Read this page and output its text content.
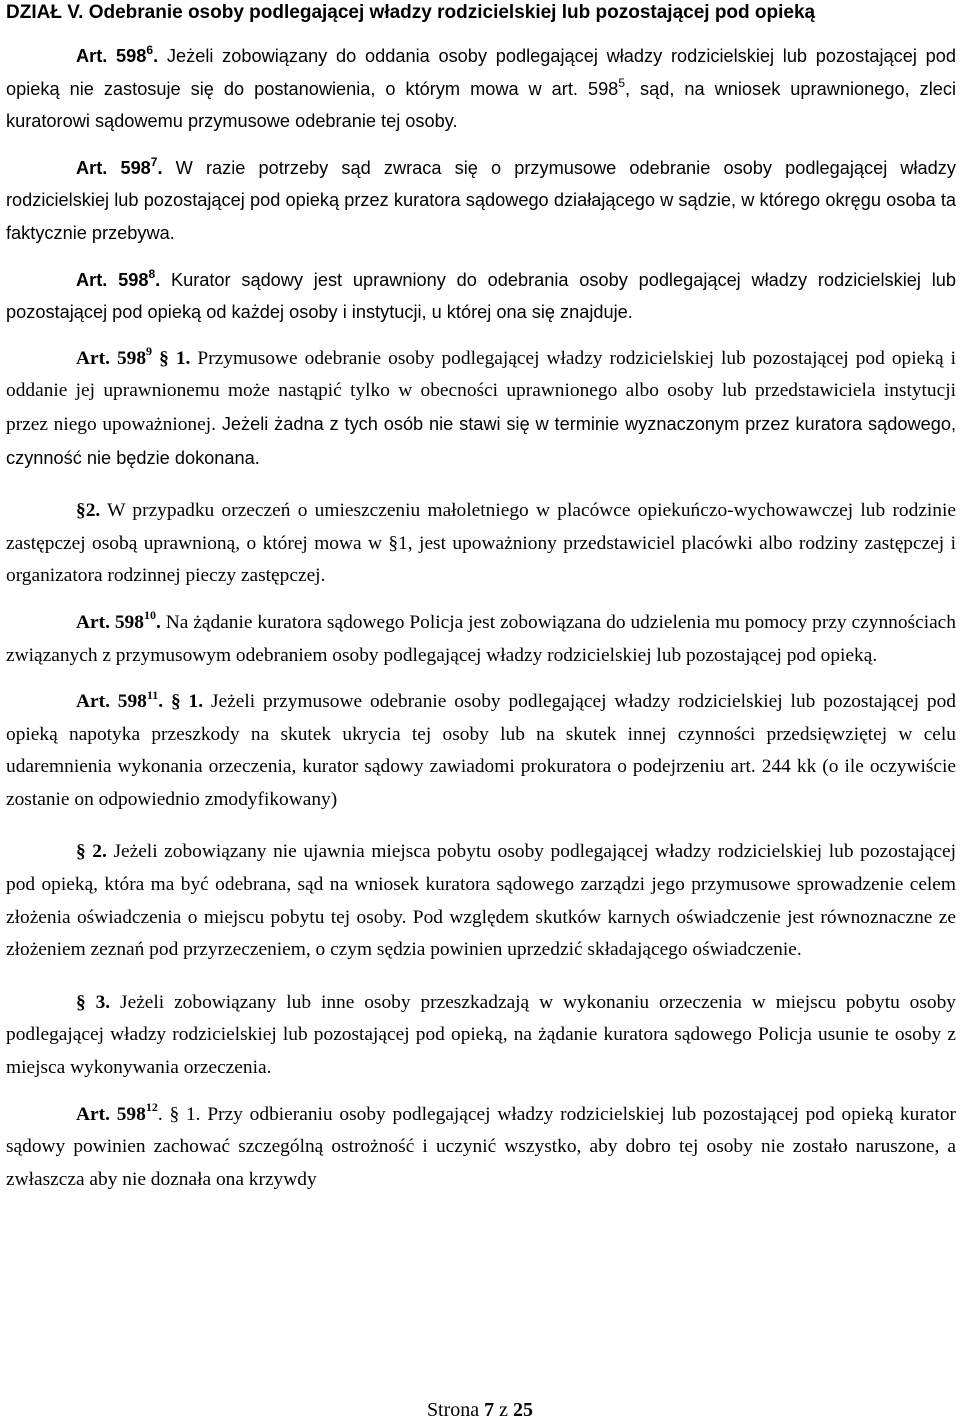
DZIAŁ V. Odebranie osoby podlegającej władzy rodzicielskiej lub pozostającej pod opieką

Art. $598^6$. Jeżeli zobowiązany do oddania osoby podlegającej władzy rodzicielskiej lub pozostającej pod opieką nie zastosuje się do postanowienia, o którym mowa w art. $598^5$, sąd, na wniosek uprawnionego, zleci kuratorowi sądowemu przymusowe odebranie tej osoby.

Art. $598^7$. W razie potrzeby sąd zwraca się o przymusowe odebranie osoby podlegającej władzy rodzicielskiej lub pozostającej pod opieką przez kuratora sądowego działającego w sądzie, w którego okręgu osoba ta faktycznie przebywa.

Art. $598^8$. Kurator sądowy jest uprawniony do odebrania osoby podlegającej władzy rodzicielskiej lub pozostającej pod opieką od każdej osoby i instytucji, u której ona się znajduje.

Art. $598^9$ § 1. Przymusowe odebranie osoby podlegającej władzy rodzicielskiej lub pozostającej pod opieką i oddanie jej uprawnionemu może nastąpić tylko w obecności uprawnionego albo osoby lub przedstawiciela instytucji przez niego upoważnionej. Jeżeli żadna z tych osób nie stawi się w terminie wyznaczonym przez kuratora sądowego, czynność nie będzie dokonana.

§2. W przypadku orzeczeń o umieszczeniu małoletniego w placówce opiekuńczo-wychowawczej lub rodzinie zastępczej osobą uprawnioną, o której mowa w §1, jest upoważniony przedstawiciel placówki albo rodziny zastępczej i organizatora rodzinnej pieczy zastępczej.

Art. $598^{10}$. Na żądanie kuratora sądowego Policja jest zobowiązana do udzielenia mu pomocy przy czynnościach związanych z przymusowym odebraniem osoby podlegającej władzy rodzicielskiej lub pozostającej pod opieką.

Art. $598^{11}$. § 1. Jeżeli przymusowe odebranie osoby podlegającej władzy rodzicielskiej lub pozostającej pod opieką napotyka przeszkody na skutek ukrycia tej osoby lub na skutek innej czynności przedsięwziętej w celu udaremnienia wykonania orzeczenia, kurator sądowy zawiadomi prokuratora o podejrzeniu art. 244 kk (o ile oczywiście zostanie on odpowiednio zmodyfikowany)

§ 2. Jeżeli zobowiązany nie ujawnia miejsca pobytu osoby podlegającej władzy rodzicielskiej lub pozostającej pod opieką, która ma być odebrana, sąd na wniosek kuratora sądowego zarządzi jego przymusowe sprowadzenie celem złożenia oświadczenia o miejscu pobytu tej osoby. Pod względem skutków karnych oświadczenie jest równoznaczne ze złożeniem zeznań pod przyrzeczeniem, o czym sędzia powinien uprzedzić składającego oświadczenie.

§ 3. Jeżeli zobowiązany lub inne osoby przeszkadzają w wykonaniu orzeczenia w miejscu pobytu osoby podlegającej władzy rodzicielskiej lub pozostającej pod opieką, na żądanie kuratora sądowego Policja usunie te osoby z miejsca wykonywania orzeczenia.

Art. $598^{12}$. § 1. Przy odbieraniu osoby podlegającej władzy rodzicielskiej lub pozostającej pod opieką kurator sądowy powinien zachować szczególną ostrożność i uczynić wszystko, aby dobro tej osoby nie zostało naruszone, a zwłaszcza aby nie doznała ona krzywdy

Strona 7 z 25
